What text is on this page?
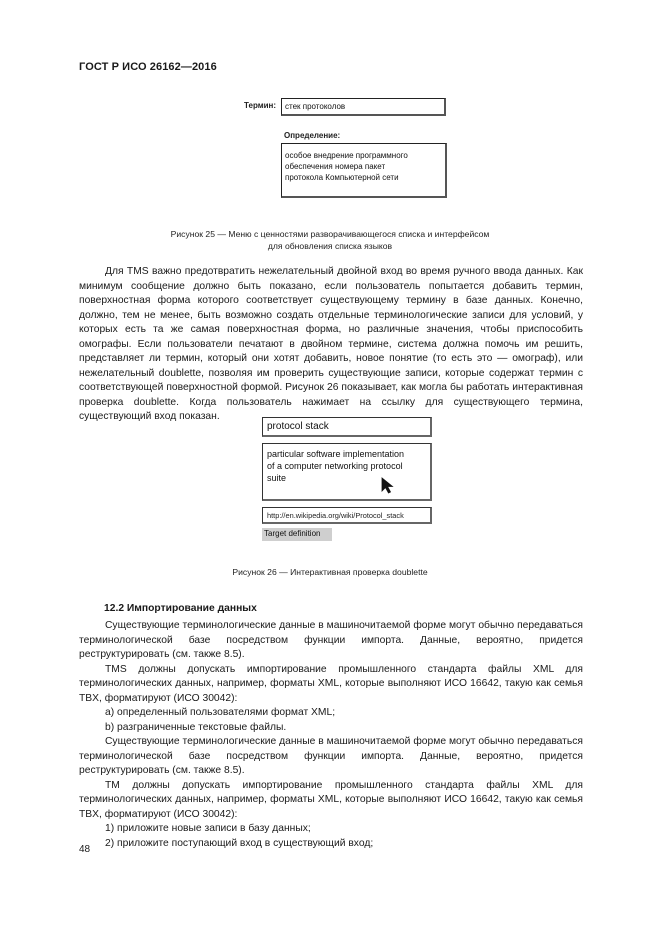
ГОСТ Р ИСО 26162—2016
Термин:	стек протоколов
Определение:
особое внедрение программного
обеспечения номера пакет
протокола Компьютерной сети
Рисунок 25 — Меню с ценностями разворачивающегося списка и интерфейсом
для обновления списка языков

Для TMS важно предотвратить нежелательный двойной вход во время ручного ввода данных. Как минимум сообщение должно быть показано, если пользователь попытается добавить термин, поверхностная форма которого соответствует существующему термину в базе данных. Конечно, должно, тем не менее, быть возможно создать отдельные терминологические записи для условий, у которых есть та же самая поверхностная форма, но различные значения, чтобы приспособить омографы. Если пользователи печатают в двойном термине, система должна помочь им решить, представляет ли термин, который они хотят добавить, новое понятие (то есть это — омограф), или нежелательный doublette, позволяя им проверить существующие записи, которые содержат термин с соответствующей поверхностной формой. Рисунок 26 показывает, как могла бы работать интерактивная проверка doublette. Когда пользователь нажимает на ссылку для существующего термина, существующий вход показан.

protocol stack
particular software implementation
of a computer networking protocol
suite
http://en.wikipedia.org/wiki/Protocol_stack
Target definition
Рисунок 26 — Интерактивная проверка doublette
12.2 Импортирование данных

Существующие терминологические данные в машиночитаемой форме могут обычно передаваться терминологической базе посредством функции импорта. Данные, вероятно, придется реструктурировать (см. также 8.5).

TMS должны допускать импортирование промышленного стандарта файлы XML для терминологических данных, например, форматы XML, которые выполняют ИСО 16642, такую как семья TBX, форматируют (ИСО 30042):

a) определенный пользователями формат XML;

b) разграниченные текстовые файлы.

Существующие терминологические данные в машиночитаемой форме могут обычно передаваться терминологической базе посредством функции импорта. Данные, вероятно, придется реструктурировать (см. также 8.5).

TM должны допускать импортирование промышленного стандарта файлы XML для терминологических данных, например, форматы XML, которые выполняют ИСО 16642, такую как семья TBX, форматируют (ИСО 30042):

1) приложите новые записи в базу данных;

2) приложите поступающий вход в существующий вход;

48
